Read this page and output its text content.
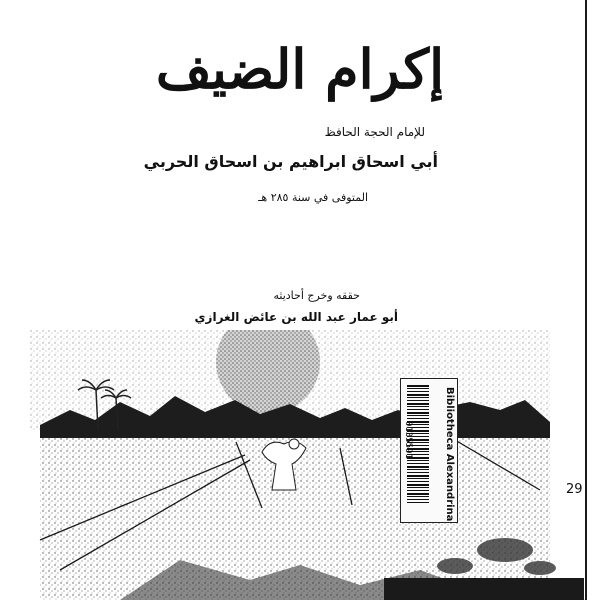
إكرام الضيف
للإمام الحجة الحافظ
أبي اسحاق ابراهيم بن اسحاق الحربي
المتوفى في سنة ٢٨٥ هـ
حققه وخرج أحاديثه
أبو عمار عبد الله بن عائض الغرازي
0135591	Bibliotheca Alexandrina	29
